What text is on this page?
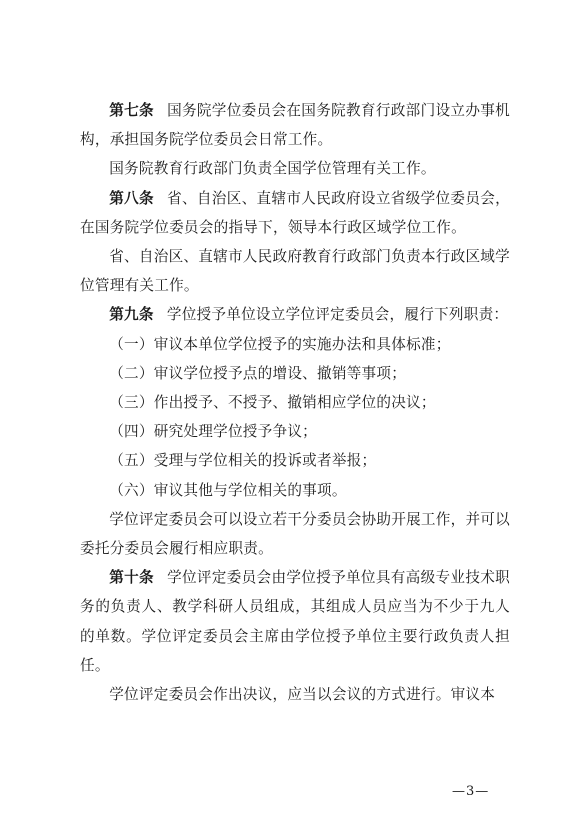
第七条 国务院学位委员会在国务院教育行政部门设立办事机构，承担国务院学位委员会日常工作。

国务院教育行政部门负责全国学位管理有关工作。

第八条 省、自治区、直辖市人民政府设立省级学位委员会，在国务院学位委员会的指导下，领导本行政区域学位工作。

省、自治区、直辖市人民政府教育行政部门负责本行政区域学位管理有关工作。

第九条 学位授予单位设立学位评定委员会，履行下列职责：

（一）审议本单位学位授予的实施办法和具体标准；

（二）审议学位授予点的增设、撤销等事项；

（三）作出授予、不授予、撤销相应学位的决议；

（四）研究处理学位授予争议；

（五）受理与学位相关的投诉或者举报；

（六）审议其他与学位相关的事项。

学位评定委员会可以设立若干分委员会协助开展工作，并可以委托分委员会履行相应职责。

第十条 学位评定委员会由学位授予单位具有高级专业技术职务的负责人、教学科研人员组成，其组成人员应当为不少于九人的单数。学位评定委员会主席由学位授予单位主要行政负责人担任。

学位评定委员会作出决议，应当以会议的方式进行。审议本

—3—
